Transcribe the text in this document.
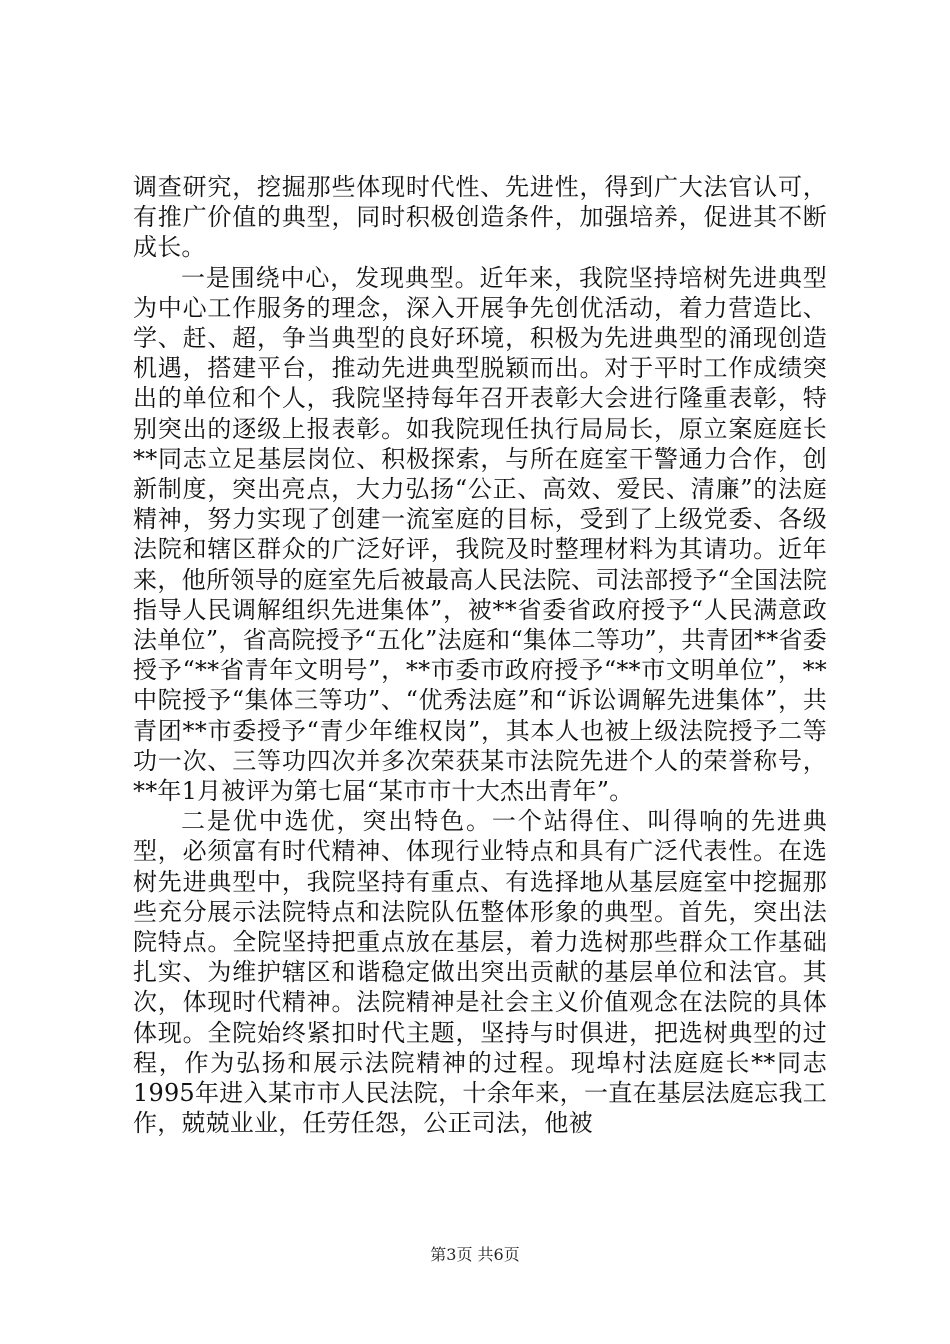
调查研究，挖掘那些体现时代性、先进性，得到广大法官认可，有推广价值的典型，同时积极创造条件，加强培养，促进其不断成长。

一是围绕中心，发现典型。近年来，我院坚持培树先进典型为中心工作服务的理念，深入开展争先创优活动，着力营造比、学、赶、超，争当典型的良好环境，积极为先进典型的涌现创造机遇，搭建平台，推动先进典型脱颖而出。对于平时工作成绩突出的单位和个人，我院坚持每年召开表彰大会进行隆重表彰，特别突出的逐级上报表彰。如我院现任执行局局长，原立案庭庭长**同志立足基层岗位、积极探索，与所在庭室干警通力合作，创新制度，突出亮点，大力弘扬“公正、高效、爱民、清廉”的法庭精神，努力实现了创建一流室庭的目标，受到了上级党委、各级法院和辖区群众的广泛好评，我院及时整理材料为其请功。近年来，他所领导的庭室先后被最高人民法院、司法部授予“全国法院指导人民调解组织先进集体”，被**省委省政府授予“人民满意政法单位”，省高院授予“五化”法庭和“集体二等功”，共青团**省委授予“**省青年文明号”，**市委市政府授予“**市文明单位”，**中院授予“集体三等功”、“优秀法庭”和“诉讼调解先进集体”，共青团**市委授予“青少年维权岗”，其本人也被上级法院授予二等功一次、三等功四次并多次荣获某市法院先进个人的荣誉称号，**年1月被评为第七届“某市市十大杰出青年”。

二是优中选优，突出特色。一个站得住、叫得响的先进典型，必须富有时代精神、体现行业特点和具有广泛代表性。在选树先进典型中，我院坚持有重点、有选择地从基层庭室中挖掘那些充分展示法院特点和法院队伍整体形象的典型。首先，突出法院特点。全院坚持把重点放在基层，着力选树那些群众工作基础扎实、为维护辖区和谐稳定做出突出贡献的基层单位和法官。其次，体现时代精神。法院精神是社会主义价值观念在法院的具体体现。全院始终紧扣时代主题，坚持与时俱进，把选树典型的过程，作为弘扬和展示法院精神的过程。现埠村法庭庭长**同志1995年进入某市市人民法院，十余年来，一直在基层法庭忘我工作，兢兢业业，任劳任怨，公正司法，他被

第3页 共6页
